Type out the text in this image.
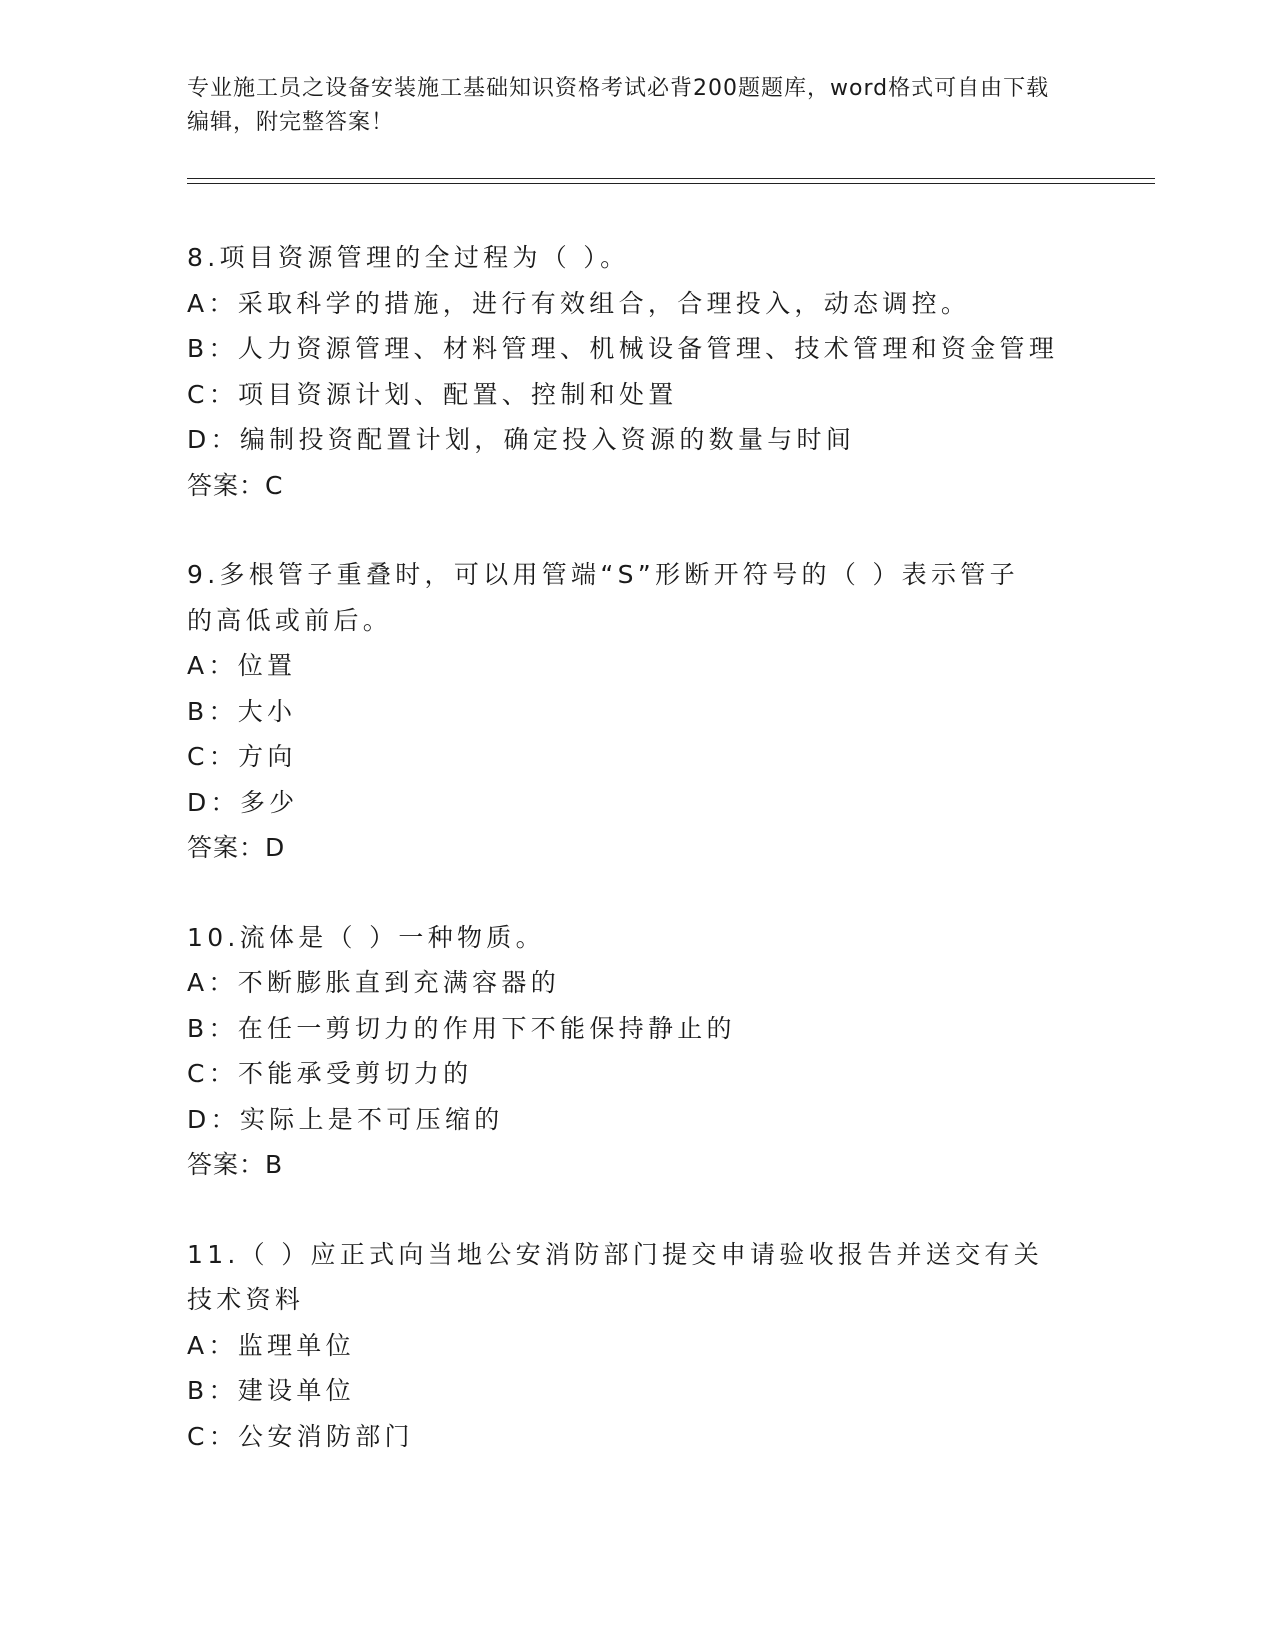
专业施工员之设备安装施工基础知识资格考试必背200题题库，word格式可自由下载编辑，附完整答案！
8.项目资源管理的全过程为（ ）。
A：采取科学的措施，进行有效组合，合理投入，动态调控。
B：人力资源管理、材料管理、机械设备管理、技术管理和资金管理
C：项目资源计划、配置、控制和处置
D：编制投资配置计划，确定投入资源的数量与时间
答案：C
9.多根管子重叠时，可以用管端“S”形断开符号的（ ）表示管子的高低或前后。
A：位置
B：大小
C：方向
D：多少
答案：D
10.流体是（ ）一种物质。
A：不断膨胀直到充满容器的
B：在任一剪切力的作用下不能保持静止的
C：不能承受剪切力的
D：实际上是不可压缩的
答案：B
11.（ ）应正式向当地公安消防部门提交申请验收报告并送交有关技术资料
A：监理单位
B：建设单位
C：公安消防部门
